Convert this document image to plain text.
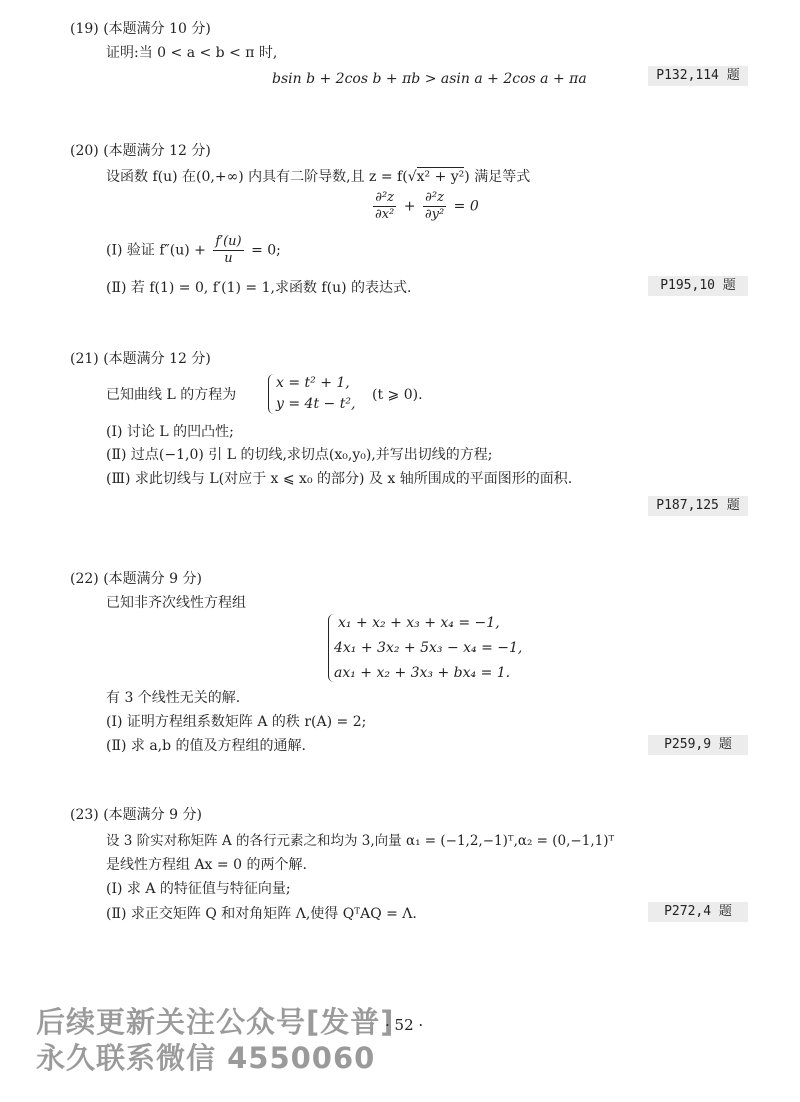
(19) (本题满分 10 分)
证明:当 0 < a < b < π 时,
bsin b + 2cos b + πb > asin a + 2cos a + πa	P132,114 题
(20) (本题满分 12 分)
设函数 f(u) 在(0,+∞) 内具有二阶导数,且 z = f(√x² + y²) 满足等式
$\frac{\text{∂²z}}{\text{∂x²}} + \frac{\text{∂²z}}{\text{∂y²}} = 0$
(Ⅰ) 验证 $f''(u) + \frac{f'(u)}{u} = 0$;
(Ⅱ) 若 f(1) = 0, f′(1) = 1,求函数 f(u) 的表达式.	P195,10 题
(21) (本题满分 12 分)
已知曲线 L 的方程为
x = t² + 1,
y = 4t − t²,
(t ⩾ 0).
(Ⅰ) 讨论 L 的凹凸性;
(Ⅱ) 过点(−1,0) 引 L 的切线,求切点(x₀,y₀),并写出切线的方程;
(Ⅲ) 求此切线与 L(对应于 x ⩽ x₀ 的部分) 及 x 轴所围成的平面图形的面积.
P187,125 题
(22) (本题满分 9 分)
已知非齐次线性方程组
x₁ + x₂ + x₃ + x₄ = −1,
4x₁ + 3x₂ + 5x₃ − x₄ = −1,
ax₁ + x₂ + 3x₃ + bx₄ = 1.
有 3 个线性无关的解.
(Ⅰ) 证明方程组系数矩阵 A 的秩 r(A) = 2;
(Ⅱ) 求 a,b 的值及方程组的通解.	P259,9 题
(23) (本题满分 9 分)
设 3 阶实对称矩阵 A 的各行元素之和均为 3,向量 α₁ = (−1,2,−1)ᵀ,α₂ = (0,−1,1)ᵀ
是线性方程组 Ax = 0 的两个解.
(Ⅰ) 求 A 的特征值与特征向量;
(Ⅱ) 求正交矩阵 Q 和对角矩阵 Λ,使得 QᵀAQ = Λ.	P272,4 题
后续更新关注公众号[发普]
永久联系微信 4550060
· 52 ·
